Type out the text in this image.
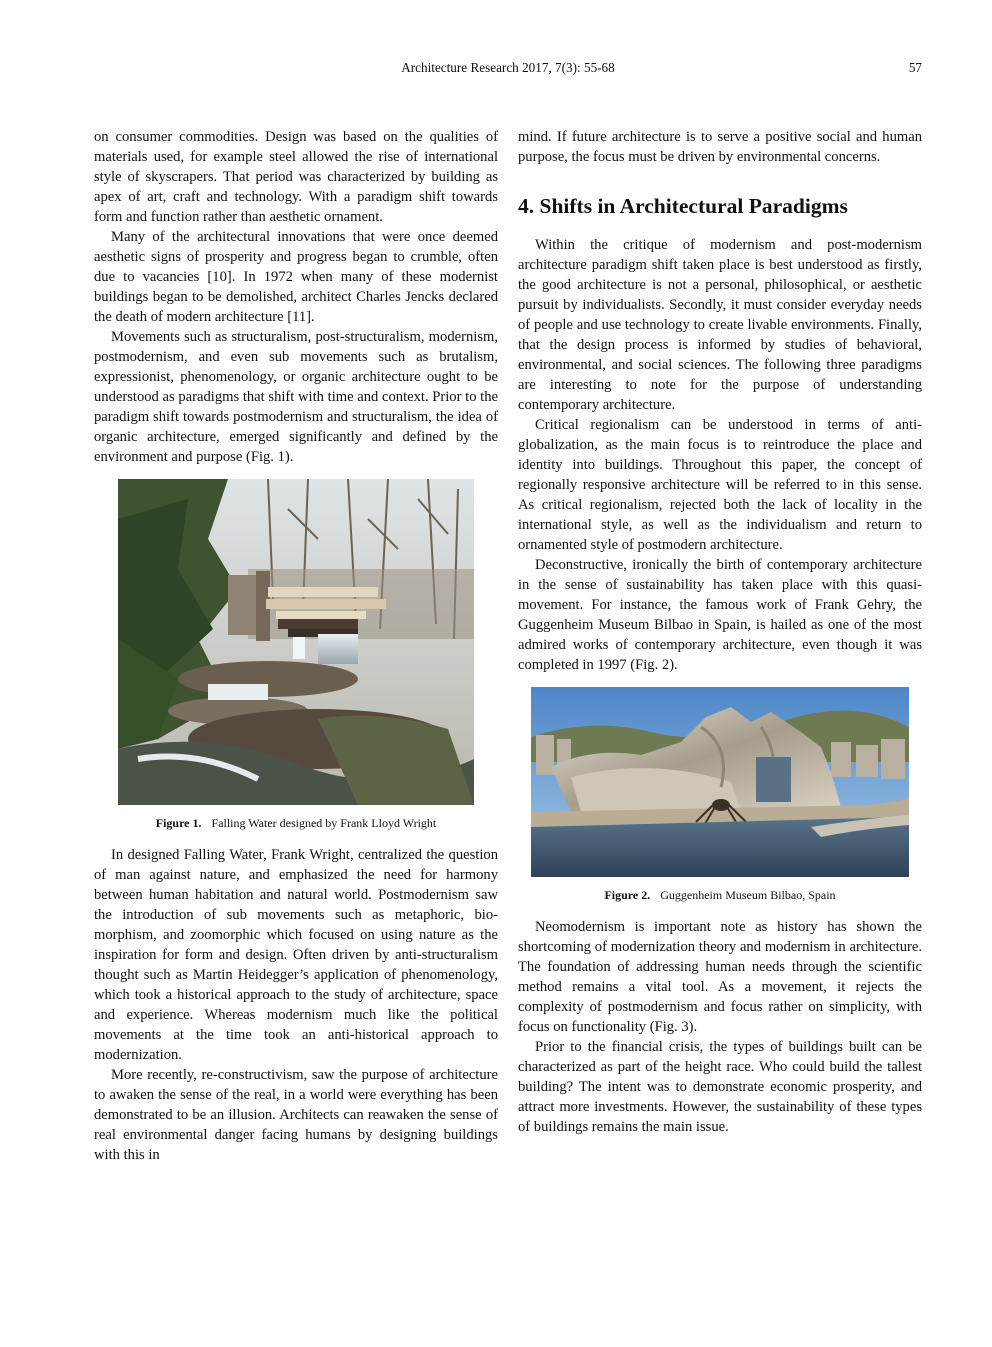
Architecture Research 2017, 7(3): 55-68	57

on consumer commodities. Design was based on the qualities of materials used, for example steel allowed the rise of international style of skyscrapers. That period was characterized by building as apex of art, craft and technology. With a paradigm shift towards form and function rather than aesthetic ornament.

Many of the architectural innovations that were once deemed aesthetic signs of prosperity and progress began to crumble, often due to vacancies [10]. In 1972 when many of these modernist buildings began to be demolished, architect Charles Jencks declared the death of modern architecture [11].

Movements such as structuralism, post-structuralism, modernism, postmodernism, and even sub movements such as brutalism, expressionist, phenomenology, or organic architecture ought to be understood as paradigms that shift with time and context. Prior to the paradigm shift towards postmodernism and structuralism, the idea of organic architecture, emerged significantly and defined by the environment and purpose (Fig. 1).

Figure 1. Falling Water designed by Frank Lloyd Wright

In designed Falling Water, Frank Wright, centralized the question of man against nature, and emphasized the need for harmony between human habitation and natural world. Postmodernism saw the introduction of sub movements such as metaphoric, bio-morphism, and zoomorphic which focused on using nature as the inspiration for form and design. Often driven by anti-structuralism thought such as Martin Heidegger’s application of phenomenology, which took a historical approach to the study of architecture, space and experience. Whereas modernism much like the political movements at the time took an anti-historical approach to modernization.

More recently, re-constructivism, saw the purpose of architecture to awaken the sense of the real, in a world were everything has been demonstrated to be an illusion. Architects can reawaken the sense of real environmental danger facing humans by designing buildings with this in

mind. If future architecture is to serve a positive social and human purpose, the focus must be driven by environmental concerns.

4. Shifts in Architectural Paradigms

Within the critique of modernism and post-modernism architecture paradigm shift taken place is best understood as firstly, the good architecture is not a personal, philosophical, or aesthetic pursuit by individualists. Secondly, it must consider everyday needs of people and use technology to create livable environments. Finally, that the design process is informed by studies of behavioral, environmental, and social sciences. The following three paradigms are interesting to note for the purpose of understanding contemporary architecture.

Critical regionalism can be understood in terms of anti-globalization, as the main focus is to reintroduce the place and identity into buildings. Throughout this paper, the concept of regionally responsive architecture will be referred to in this sense. As critical regionalism, rejected both the lack of locality in the international style, as well as the individualism and return to ornamented style of postmodern architecture.

Deconstructive, ironically the birth of contemporary architecture in the sense of sustainability has taken place with this quasi-movement. For instance, the famous work of Frank Gehry, the Guggenheim Museum Bilbao in Spain, is hailed as one of the most admired works of contemporary architecture, even though it was completed in 1997 (Fig. 2).

Figure 2. Guggenheim Museum Bilbao, Spain

Neomodernism is important note as history has shown the shortcoming of modernization theory and modernism in architecture. The foundation of addressing human needs through the scientific method remains a vital tool. As a movement, it rejects the complexity of postmodernism and focus rather on simplicity, with focus on functionality (Fig. 3).

Prior to the financial crisis, the types of buildings built can be characterized as part of the height race. Who could build the tallest building? The intent was to demonstrate economic prosperity, and attract more investments. However, the sustainability of these types of buildings remains the main issue.
